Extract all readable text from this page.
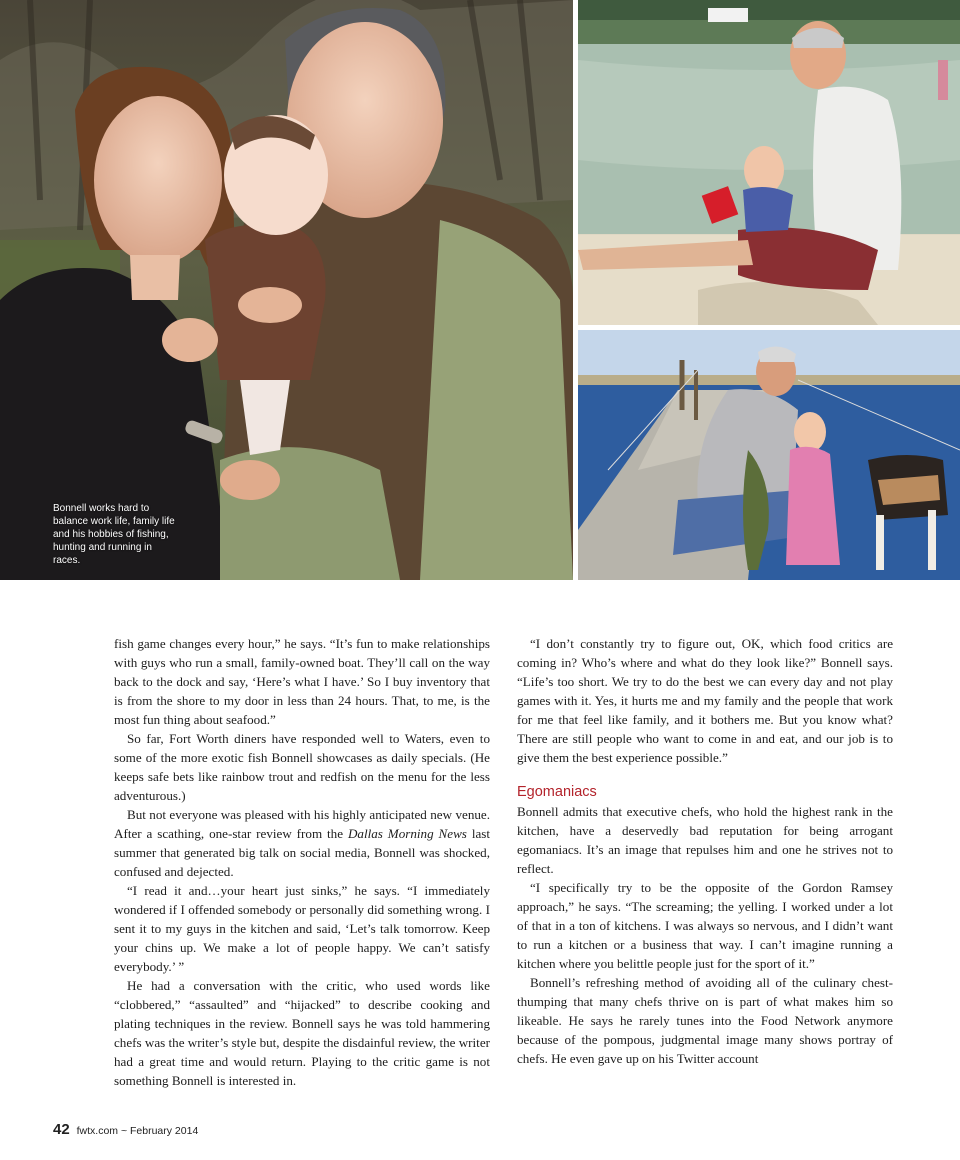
Bonnell works hard to balance work life, family life and his hobbies of fishing, hunting and running in races.

fish game changes every hour,” he says. “It’s fun to make relationships with guys who run a small, family-owned boat. They’ll call on the way back to the dock and say, ‘Here’s what I have.’ So I buy inventory that is from the shore to my door in less than 24 hours. That, to me, is the most fun thing about seafood.”

So far, Fort Worth diners have responded well to Waters, even to some of the more exotic fish Bonnell showcases as daily specials. (He keeps safe bets like rainbow trout and redfish on the menu for the less adventurous.)

But not everyone was pleased with his highly anticipated new venue. After a scathing, one-star review from the Dallas Morning News last summer that generated big talk on social media, Bonnell was shocked, confused and dejected.

“I read it and…your heart just sinks,” he says. “I immediately wondered if I offended somebody or personally did something wrong. I sent it to my guys in the kitchen and said, ‘Let’s talk tomorrow. Keep your chins up. We make a lot of people happy. We can’t satisfy everybody.’ ”

He had a conversation with the critic, who used words like “clobbered,” “assaulted” and “hijacked” to describe cooking and plating techniques in the review. Bonnell says he was told hammering chefs was the writer’s style but, despite the disdainful review, the writer had a great time and would return. Playing to the critic game is not something Bonnell is interested in.

“I don’t constantly try to figure out, OK, which food critics are coming in? Who’s where and what do they look like?” Bonnell says. “Life’s too short. We try to do the best we can every day and not play games with it. Yes, it hurts me and my family and the people that work for me that feel like family, and it bothers me. But you know what? There are still people who want to come in and eat, and our job is to give them the best experience possible.”

Egomaniacs

Bonnell admits that executive chefs, who hold the highest rank in the kitchen, have a deservedly bad reputation for being arrogant egomaniacs. It’s an image that repulses him and one he strives not to reflect.

“I specifically try to be the opposite of the Gordon Ramsey approach,” he says. “The screaming; the yelling. I worked under a lot of that in a ton of kitchens. I was always so nervous, and I didn’t want to run a kitchen or a business that way. I can’t imagine running a kitchen where you belittle people just for the sport of it.”

Bonnell’s refreshing method of avoiding all of the culinary chest-thumping that many chefs thrive on is part of what makes him so likeable. He says he rarely tunes into the Food Network anymore because of the pompous, judgmental image many shows portray of chefs. He even gave up on his Twitter account

42 fwtx.com ~ February 2014
